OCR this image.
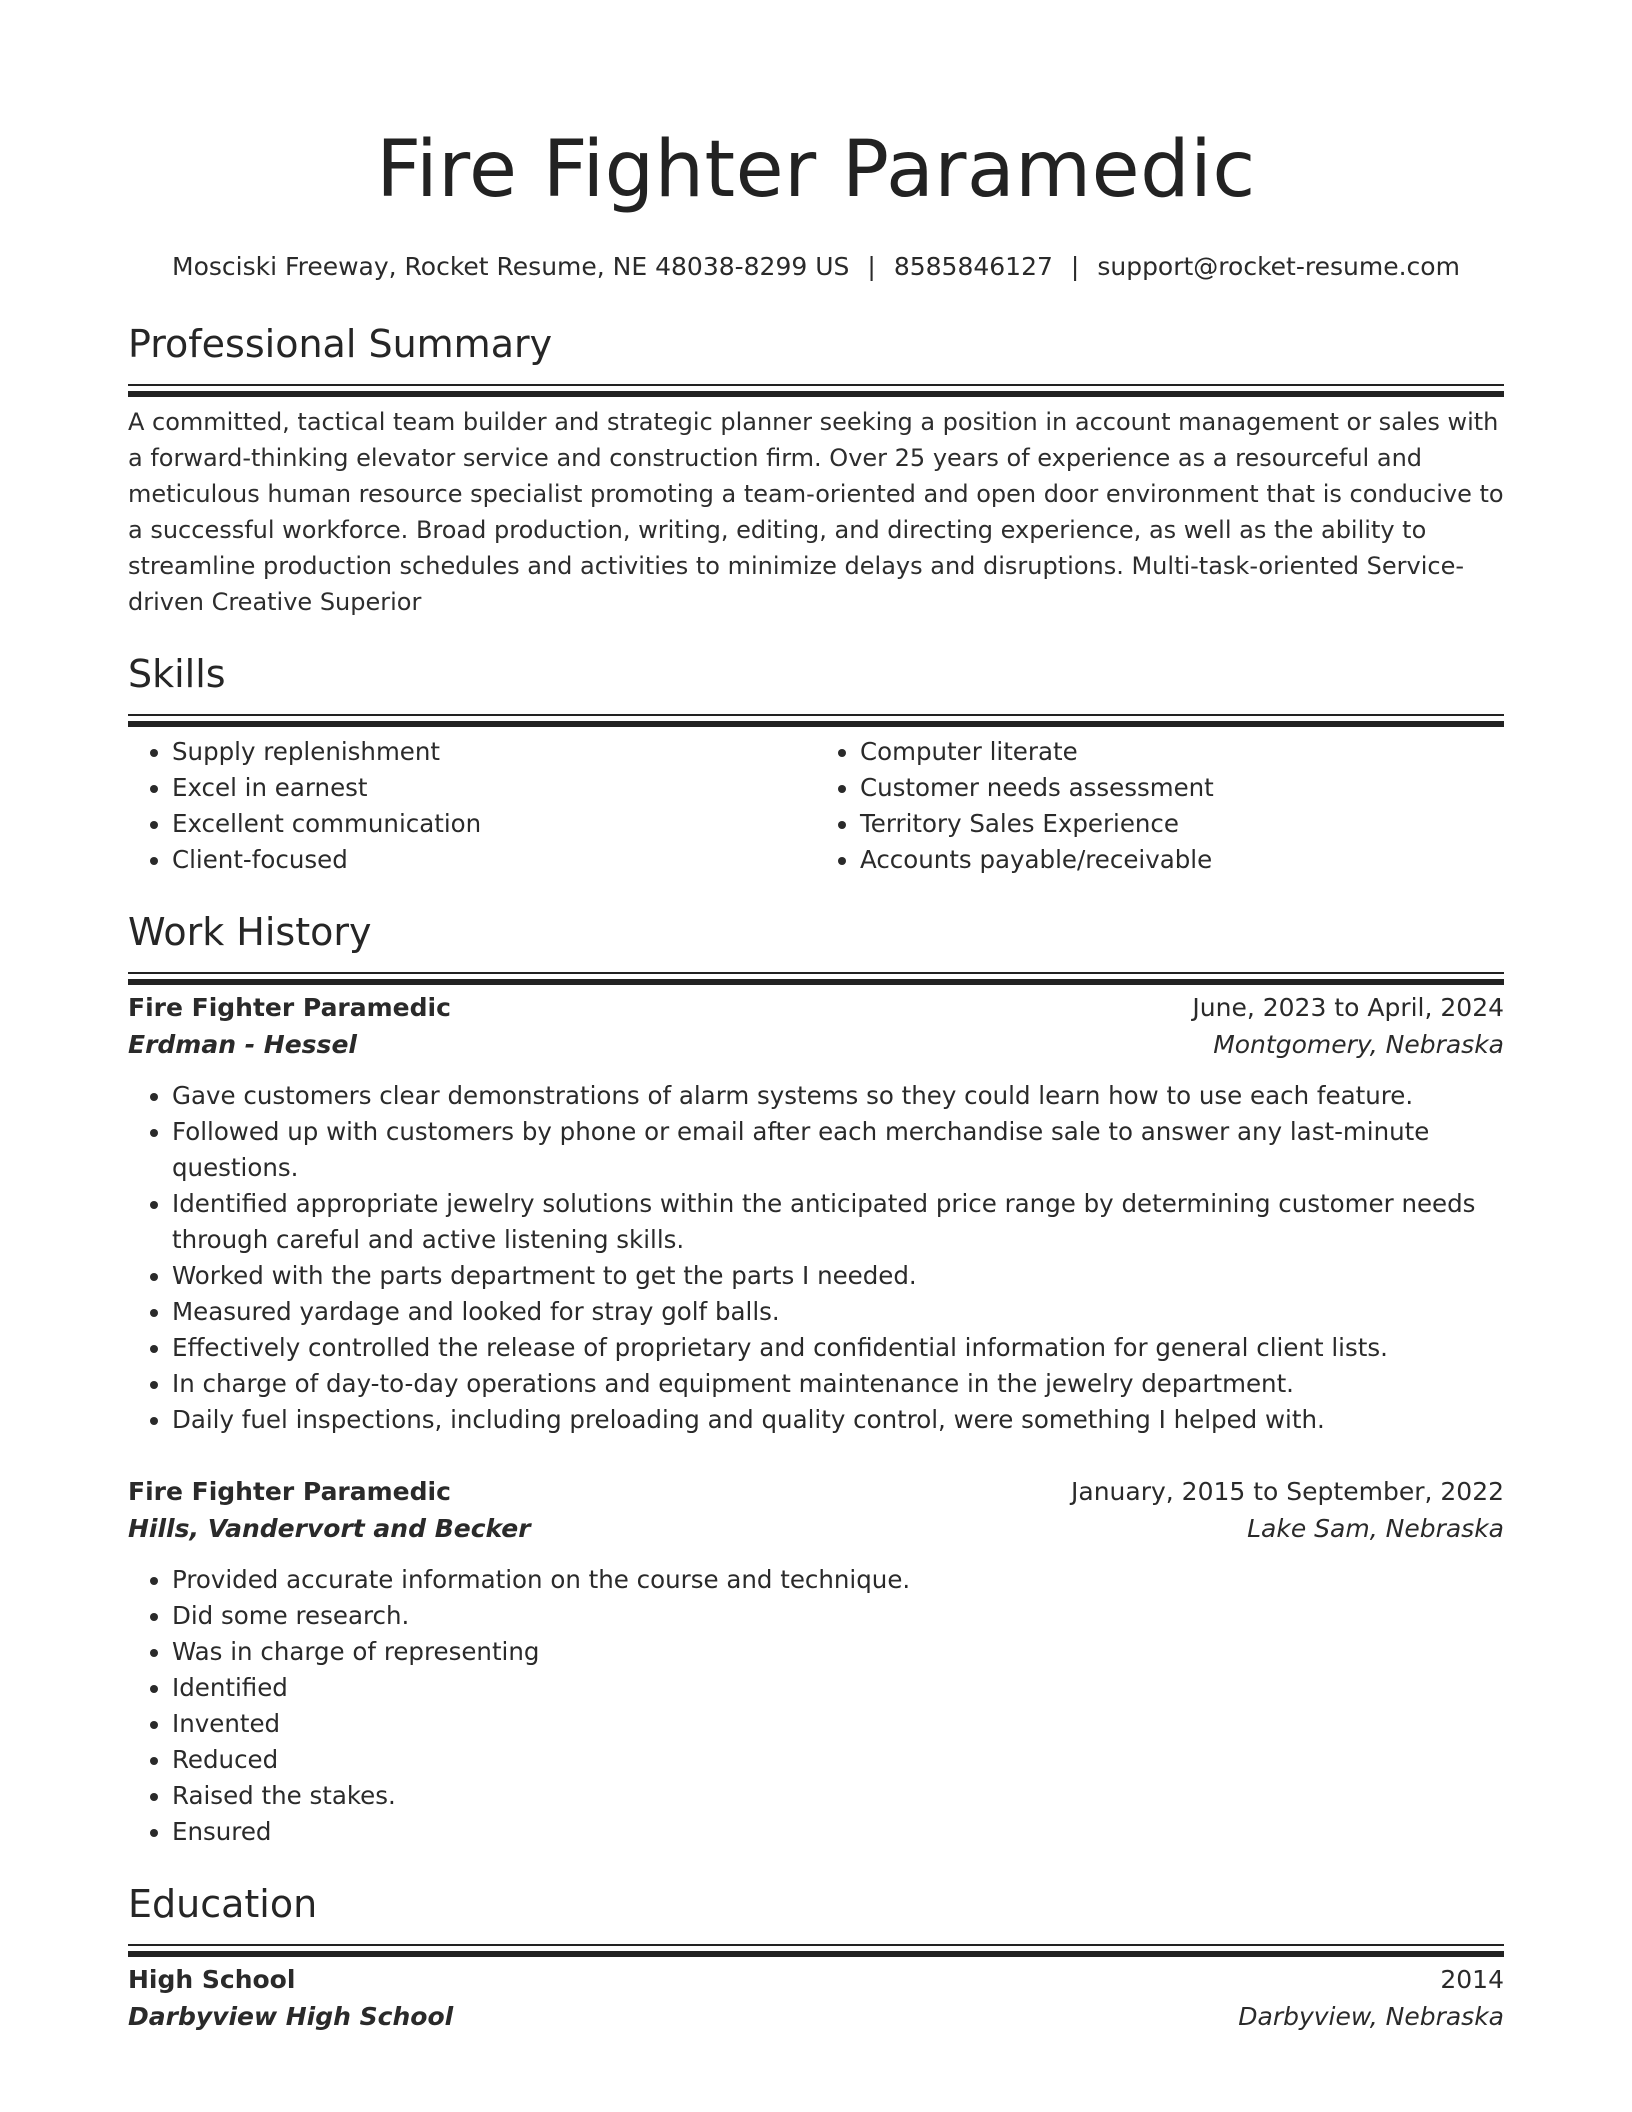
Fire Fighter Paramedic
Mosciski Freeway, Rocket Resume, NE 48038-8299 US | 8585846127 | support@rocket-resume.com
Professional Summary

A committed, tactical team builder and strategic planner seeking a position in account management or sales with a forward-thinking elevator service and construction firm. Over 25 years of experience as a resourceful and meticulous human resource specialist promoting a team-oriented and open door environment that is conducive to a successful workforce. Broad production, writing, editing, and directing experience, as well as the ability to streamline production schedules and activities to minimize delays and disruptions. Multi-task-oriented Service-driven Creative Superior

Skills
• Supply replenishment
• Excel in earnest
• Excellent communication
• Client-focused
• Computer literate
• Customer needs assessment
• Territory Sales Experience
• Accounts payable/receivable
Work History
Fire Fighter Paramedic	June, 2023 to April, 2024
Erdman - Hessel	Montgomery, Nebraska
• Gave customers clear demonstrations of alarm systems so they could learn how to use each feature.
• Followed up with customers by phone or email after each merchandise sale to answer any last-minute questions.
• Identified appropriate jewelry solutions within the anticipated price range by determining customer needs through careful and active listening skills.
• Worked with the parts department to get the parts I needed.
• Measured yardage and looked for stray golf balls.
• Effectively controlled the release of proprietary and confidential information for general client lists.
• In charge of day-to-day operations and equipment maintenance in the jewelry department.
• Daily fuel inspections, including preloading and quality control, were something I helped with.
Fire Fighter Paramedic	January, 2015 to September, 2022
Hills, Vandervort and Becker	Lake Sam, Nebraska
• Provided accurate information on the course and technique.
• Did some research.
• Was in charge of representing
• Identified
• Invented
• Reduced
• Raised the stakes.
• Ensured
Education
High School	2014
Darbyview High School	Darbyview, Nebraska
